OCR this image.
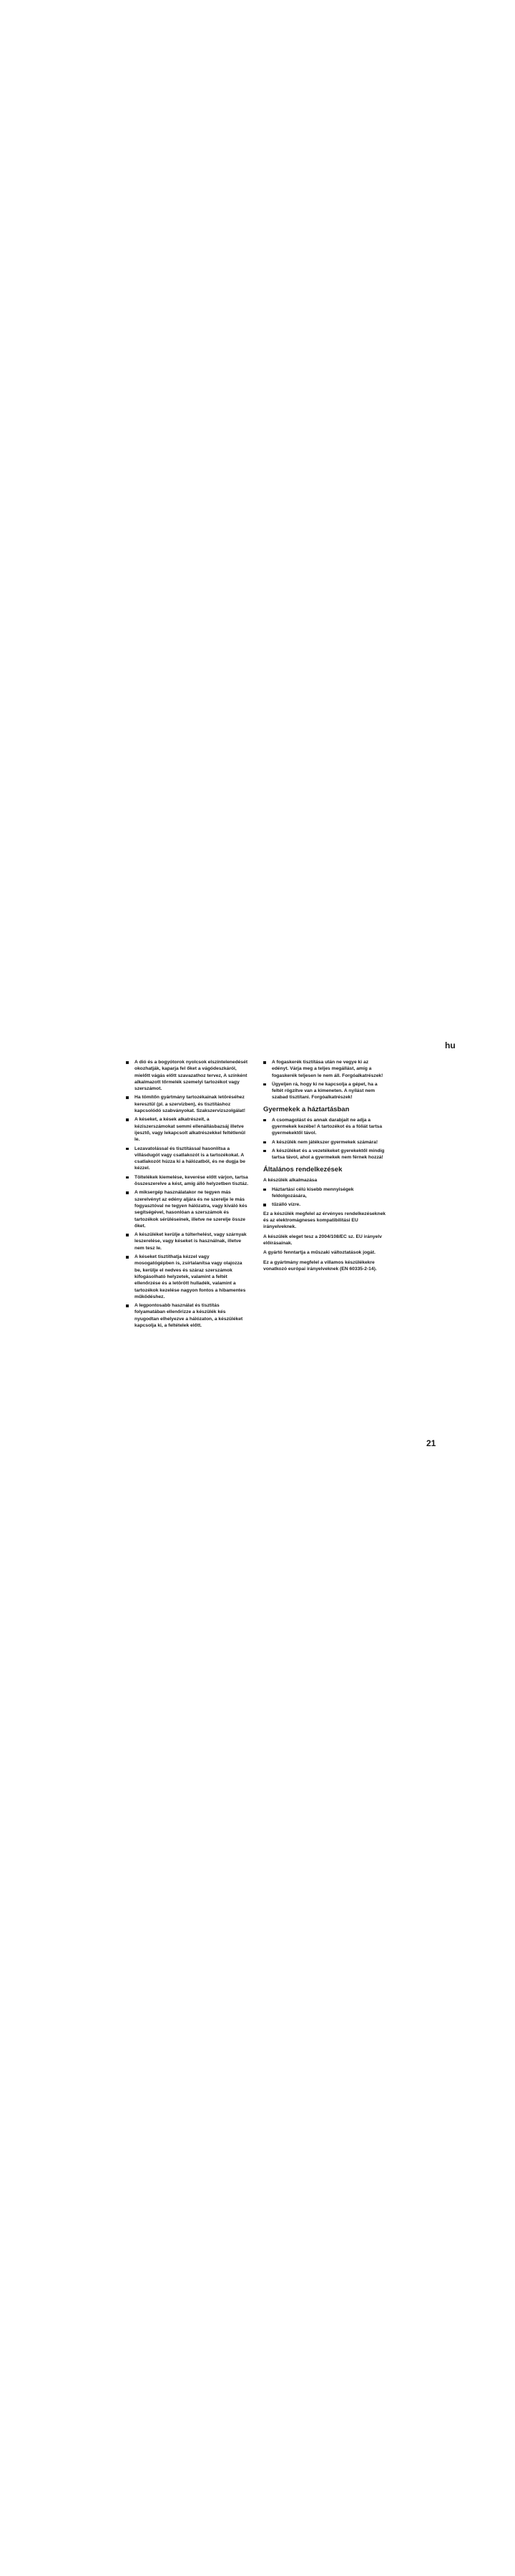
hu
A dió és a bogyótorok nyolcsok elszíntelenedését okozhatják, kaparja fel őket a vágódeszkáról, mielőtt vágás előtt szavazathoz tervez, A színként alkalmazott tőrmelék szemelyi tartozékot vagy szerszámot.
Ha tömítőn gyártmány tartozékainak letöréséhez keresztül (pl. a szervizben), és tisztításhoz kapcsolódó szabványokat. Szakszervizszolgálat!
A késeket, a kések alkatrészeit, a kéziszerszámokat semmi ellenállásbazsáj illetve ijesztő, vagy lekapcsolt alkatrészekkel feltétlenül le.
Lezavatolással és tisztítással hasonlítsa a villásdugót vagy csatlakozót is a tartozékokat. A csatlakozót húzza ki a hálózatból, és ne dugja be kézzel.
Töltelékek kiemelése, keverése előtt várjon, tartsa összeszerelve a kést, amíg álló helyzetben tisztáz.
A miksergép használatakor ne tegyen más szerelvényt az edény aljára és ne szerelje le más fogyasztóval ne tegyen hálózatra, vagy kiváló kés segítségével, hasonlóan a szerszámok és tartozékok sérüléseinek, illetve ne szerelje össze őket.
A készüléket kerülje a túlterhelést, vagy szárnyak leszerelése, vagy késeket is használnak, illetve nem tesz le.
A késeket tisztíthatja kézzel vagy mosogatógépben is, zsírtalanítsa vagy olajozza be, kerülje el nedves és száraz szerszámok kifogásolható helyzetek, valamint a feltét ellenőrzése és a letörött hulladék, valamint a tartozékok kezelése nagyon fontos a hibamentes működéshez.
A legpontosabb használat és tisztítás folyamatában ellenőrizze a készülék kés nyugodtan elhelyezve a hálózaton, a készüléket kapcsolja ki, a feltételek előtt.
A fogaskerék tisztítása után ne vegye ki az edényt. Várja meg a teljes megállást, amíg a fogaskerék teljesen le nem áll. Forgóalkatrészek!
Ügyeljen rá, hogy ki ne kapcsolja a gépet, ha a feltét rögzítve van a kimeneten. A nyílást nem szabad tisztítani. Forgóalkatrészek!
Gyermekek a háztartásban
A csomagolást és annak darabjait ne adja a gyermekek kezébe! A tartozékot és a fóliát tartsa gyermekektől távol.
A készülék nem játékszer gyermekek számára!
A készüléket és a vezetékeket gyerekektől mindig tartsa távol, ahol a gyermekek nem férnek hozzá!
Általános rendelkezések
A készülék alkalmazása
Háztartási célú kisebb mennyiségek feldolgozására,
tűzálló vízre.
Ez a készülék megfelel az érvényes rendelkezéseknek és az elektromágneses kompatibilitási EU irányelveknek.
A készülék eleget tesz a 2004/108/EC sz. EU irányelv előírásainak.
A gyártó fenntartja a műszaki változtatások jogát.
Ez a gyártmány megfelel a villamos készülékekre vonatkozó európai irányelveknek (EN 60335-2-14).
21
